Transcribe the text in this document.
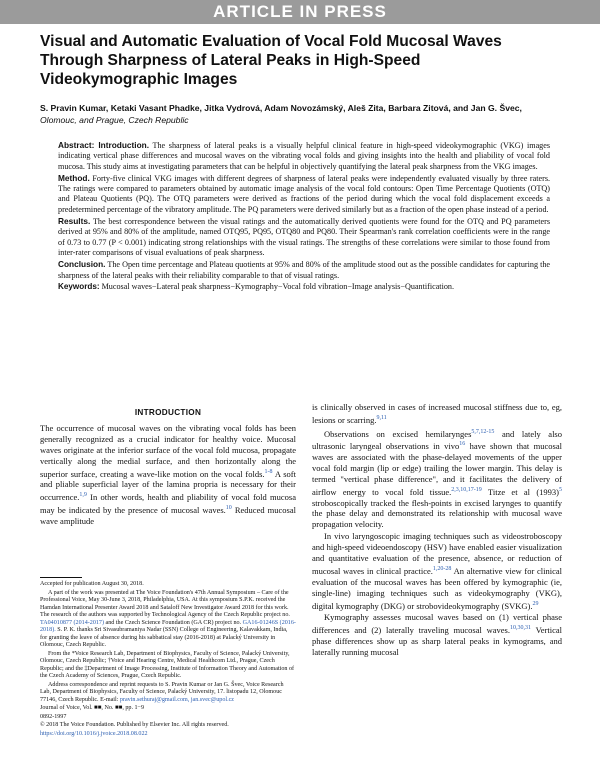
ARTICLE IN PRESS
Visual and Automatic Evaluation of Vocal Fold Mucosal Waves Through Sharpness of Lateral Peaks in High-Speed Videokymographic Images
S. Pravin Kumar, Ketaki Vasant Phadke, Jitka Vydrová, Adam Novozámský, Aleš Zita, Barbara Zitová, and Jan G. Švec, Olomouc, and Prague, Czech Republic

Abstract: Introduction. The sharpness of lateral peaks is a visually helpful clinical feature in high-speed videokymographic (VKG) images indicating vertical phase differences and mucosal waves on the vibrating vocal folds and giving insights into the health and pliability of vocal fold mucosa. This study aims at investigating parameters that can be helpful in objectively quantifying the lateral peak sharpness from the VKG images.

Method. Forty-five clinical VKG images with different degrees of sharpness of lateral peaks were independently evaluated visually by three raters. The ratings were compared to parameters obtained by automatic image analysis of the vocal fold contours: Open Time Percentage Quotients (OTQ) and Plateau Quotients (PQ). The OTQ parameters were derived as fractions of the period during which the vocal fold displacement exceeds a predetermined percentage of the vibratory amplitude. The PQ parameters were derived similarly but as a fraction of the open phase instead of a period.

Results. The best correspondence between the visual ratings and the automatically derived quotients were found for the OTQ and PQ parameters derived at 95% and 80% of the amplitude, named OTQ95, PQ95, OTQ80 and PQ80. Their Spearman's rank correlation coefficients were in the range of 0.73 to 0.77 (P < 0.001) indicating strong relationships with the visual ratings. The strengths of these correlations were similar to those found from inter-rater comparisons of visual evaluations of peak sharpness.

Conclusion. The Open time percentage and Plateau quotients at 95% and 80% of the amplitude stood out as the possible candidates for capturing the sharpness of the lateral peaks with their reliability comparable to that of visual ratings.

Keywords: Mucosal waves−Lateral peak sharpness−Kymography−Vocal fold vibration−Image analysis−Quantification.

INTRODUCTION

The occurrence of mucosal waves on the vibrating vocal folds has been generally recognized as a crucial indicator for healthy voice. Mucosal waves originate at the inferior surface of the vocal fold mucosa, propagate vertically along the medial surface, and then horizontally along the superior surface, creating a wave-like motion on the vocal folds.$^{1-8}$ A soft and pliable superficial layer of the lamina propria is necessary for their occurrence.$^{1,9}$ In other words, health and pliability of vocal fold mucosa may be indicated by the presence of mucosal waves.$^{10}$ Reduced mucosal wave amplitude

Accepted for publication August 30, 2018.

A part of the work was presented at The Voice Foundation's 47th Annual Symposium – Care of the Professional Voice, May 30-June 3, 2018, Philadelphia, USA. At this symposium S.P.K. received the Hamdan International Presenter Award 2018 and Sataloff New Investigator Award 2018 for this work. The research of the authors was supported by Technological Agency of the Czech Republic project no. TA04010877 (2014-2017) and the Czech Science Foundation (GA CR) project no. GA16-01246S (2016-2018). S. P. K. thanks Sri Sivasubramaniya Nadar (SSN) College of Engineering, Kalavakkam, India, for granting the leave of absence during his sabbatical stay (2016-2018) at Palacký University in Olomouc, Czech Republic.

From the *Voice Research Lab, Department of Biophysics, Faculty of Science, Palacký University, Olomouc, Czech Republic; †Voice and Hearing Centre, Medical Healthcom Ltd., Prague, Czech Republic; and the ‡Department of Image Processing, Institute of Information Theory and Automation of the Czech Academy of Sciences, Prague, Czech Republic.

Address correspondence and reprint requests to S. Pravin Kumar or Jan G. Švec, Voice Research Lab, Department of Biophysics, Faculty of Science, Palacký University, 17. listopadu 12, Olomouc 77146, Czech Republic. E-mail: pravin.sethuraj@gmail.com, jan.svec@upol.cz

Journal of Voice, Vol. ■■, No. ■■, pp. 1−9

0892-1997

© 2018 The Voice Foundation. Published by Elsevier Inc. All rights reserved.

https://doi.org/10.1016/j.jvoice.2018.08.022

is clinically observed in cases of increased mucosal stiffness due to, eg, lesions or scarring.$^{9,11}$

Observations on excised hemilarynges$^{5,7,12-15}$ and lately also ultrasonic laryngeal observations in vivo$^{16}$ have shown that mucosal waves are associated with the phase-delayed movements of the upper vocal fold margin (lip or edge) trailing the lower margin. This delay is termed "vertical phase difference", and it facilitates the delivery of airflow energy to vocal fold tissue.$^{2,3,10,17-19}$ Titze et al (1993)$^5$ stroboscopically tracked the flesh-points in excised larynges to quantify the phase delay and demonstrated its relationship with mucosal wave propagation velocity.

In vivo laryngoscopic imaging techniques such as videostroboscopy and high-speed videoendoscopy (HSV) have enabled easier visualization and quantitative evaluation of the presence, absence, or reduction of mucosal waves in clinical practice.$^{1,20-28}$ An alternative view for clinical evaluation of the mucosal waves has been offered by kymographic (ie, single-line) imaging techniques such as videokymography (VKG), digital kymography (DKG) or strobovideokymography (SVKG).$^{29}$

Kymography assesses mucosal waves based on (1) vertical phase differences and (2) laterally traveling mucosal waves.$^{10,30,31}$ Vertical phase differences show up as sharp lateral peaks in kymograms, and laterally running mucosal
